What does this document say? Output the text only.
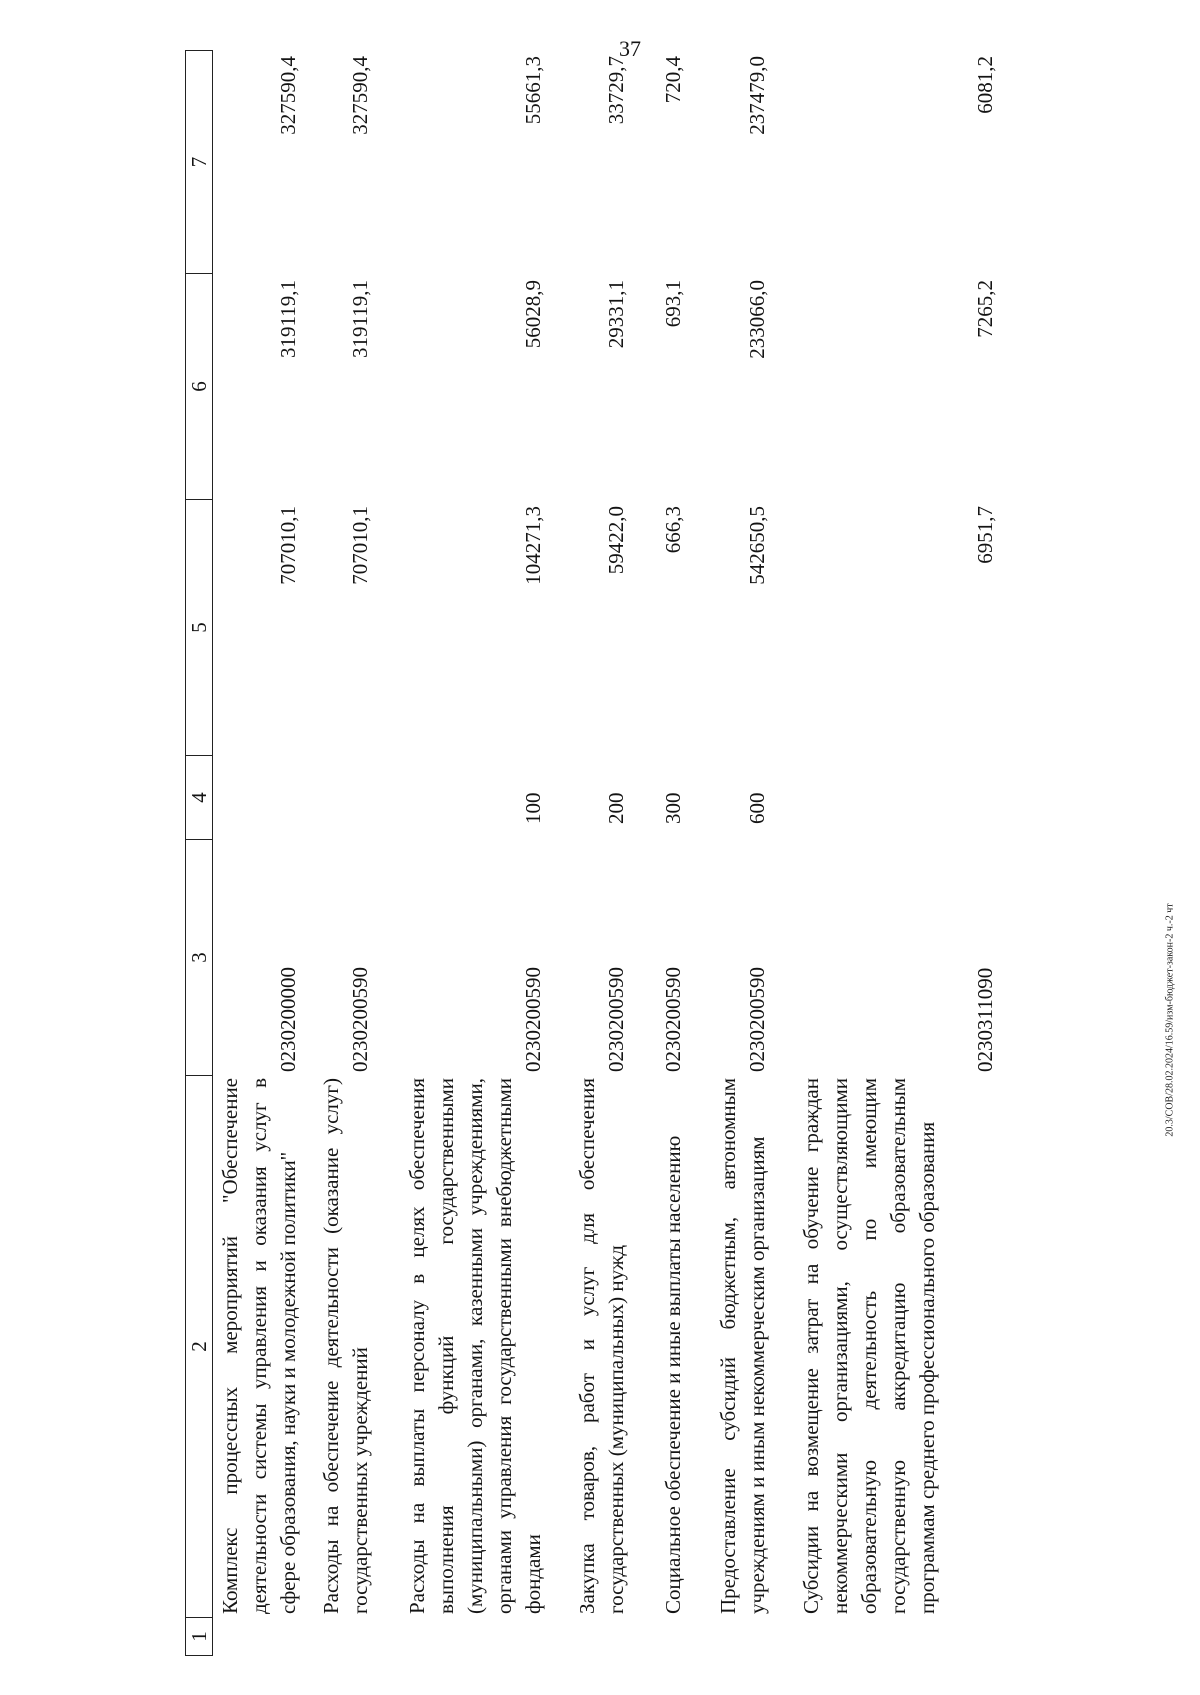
37
20.3/СОВ/28.02.2024/16.59/изм-бюджет-закон-2 ч.-2 чт
1
2
3
4
5
6
7
Комплекс процессных мероприятий "Обеспечение деятельности системы управления и оказания услуг в сфере образования, науки и молодежной политики"
0230200000
707010,1
319119,1
327590,4
Расходы на обеспечение деятельности (оказание услуг) государственных учреждений
0230200590
707010,1
319119,1
327590,4
Расходы на выплаты персоналу в целях обеспечения выполнения функций государственными (муниципальными) органами, казенными учреждениями, органами управления государственными внебюджетными фондами
0230200590
100
104271,3
56028,9
55661,3
Закупка товаров, работ и услуг для обеспечения государственных (муниципальных) нужд
0230200590
200
59422,0
29331,1
33729,7
Социальное обеспечение и иные выплаты населению
0230200590
300
666,3
693,1
720,4
Предоставление субсидий бюджетным, автономным учреждениям и иным некоммерческим организациям
0230200590
600
542650,5
233066,0
237479,0
Субсидии на возмещение затрат на обучение граждан некоммерческими организациями, осуществляющими образовательную деятельность по имеющим государственную аккредитацию образовательным программам среднего профессионального образования
0230311090
6951,7
7265,2
6081,2
